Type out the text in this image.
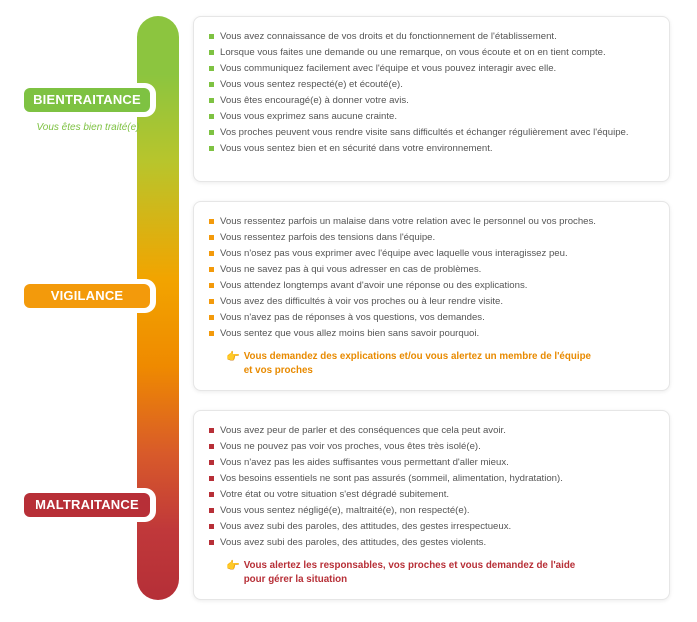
BIENTRAITANCE
Vous êtes bien traité(e)
VIGILANCE
MALTRAITANCE
Vous avez connaissance de vos droits et du fonctionnement de l'établissement.
Lorsque vous faites une demande ou une remarque, on vous écoute et on en tient compte.
Vous communiquez facilement avec l'équipe et vous pouvez interagir avec elle.
Vous vous sentez respecté(e) et écouté(e).
Vous êtes encouragé(e) à donner votre avis.
Vous vous exprimez sans aucune crainte.
Vos proches peuvent vous rendre visite sans difficultés et échanger régulièrement avec l'équipe.
Vous vous sentez bien et en sécurité dans votre environnement.
Vous ressentez parfois un malaise dans votre relation avec le personnel ou vos proches.
Vous ressentez parfois des tensions dans l'équipe.
Vous n'osez pas vous exprimer avec l'équipe avec laquelle vous interagissez peu.
Vous ne savez pas à qui vous adresser en cas de problèmes.
Vous attendez longtemps avant d'avoir une réponse ou des explications.
Vous avez des difficultés à voir vos proches ou à leur rendre visite.
Vous n'avez pas de réponses à vos questions, vos demandes.
Vous sentez que vous allez moins bien sans savoir pourquoi.
👉 Vous demandez des explications et/ou vous alertez un membre de l'équipe
et vos proches
Vous avez peur de parler et des conséquences que cela peut avoir.
Vous ne pouvez pas voir vos proches, vous êtes très isolé(e).
Vous n'avez pas les aides suffisantes vous permettant d'aller mieux.
Vos besoins essentiels ne sont pas assurés (sommeil, alimentation, hydratation).
Votre état ou votre situation s'est dégradé subitement.
Vous vous sentez négligé(e), maltraité(e), non respecté(e).
Vous avez subi des paroles, des attitudes, des gestes irrespectueux.
Vous avez subi des paroles, des attitudes, des gestes violents.
👉 Vous alertez les responsables, vos proches et vous demandez de l'aide
pour gérer la situation
